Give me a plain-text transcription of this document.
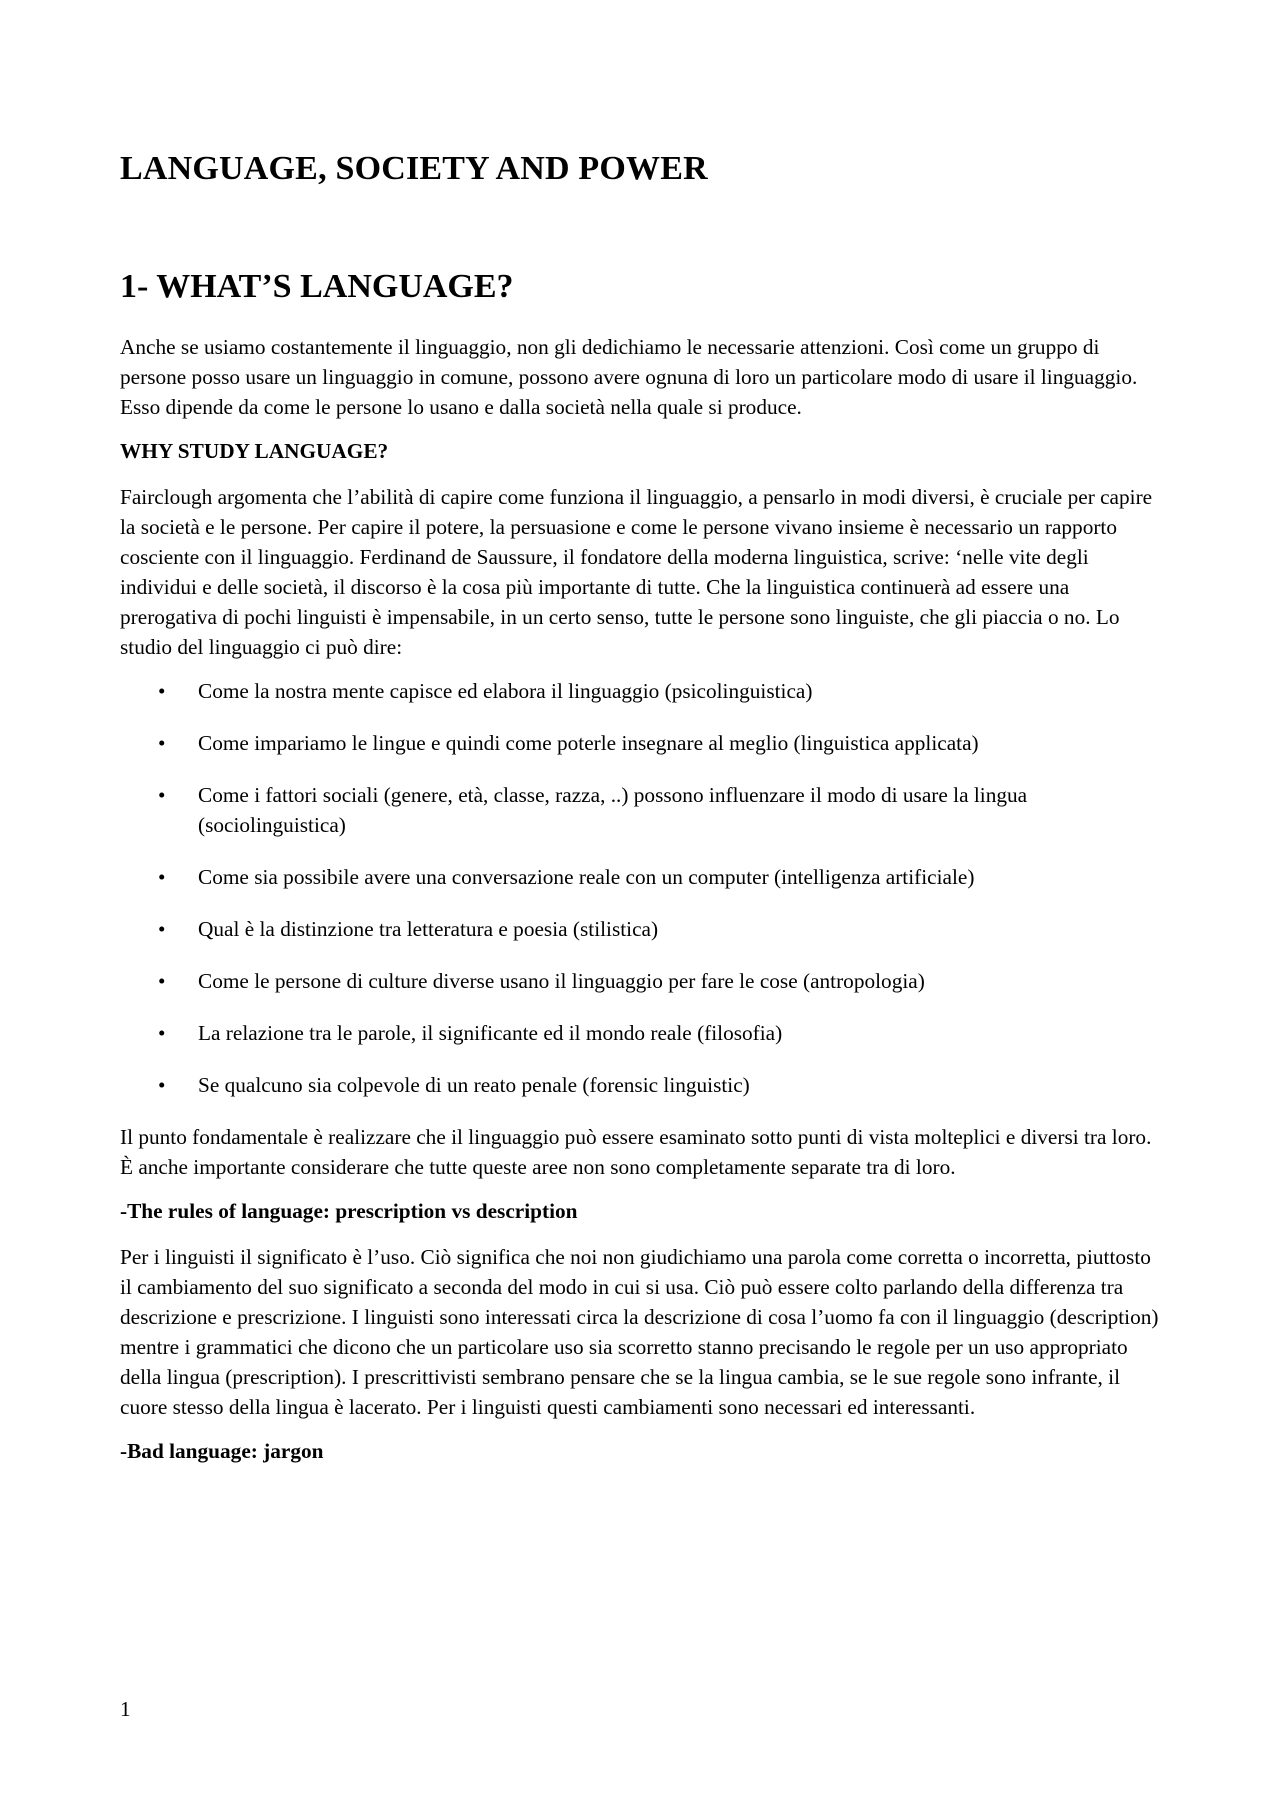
LANGUAGE, SOCIETY AND POWER
1- WHAT’S LANGUAGE?

Anche se usiamo costantemente il linguaggio, non gli dedichiamo le necessarie attenzioni. Così come un gruppo di persone posso usare un linguaggio in comune, possono avere ognuna di loro un particolare modo di usare il linguaggio. Esso dipende da come le persone lo usano e dalla società nella quale si produce.

WHY STUDY LANGUAGE?

Fairclough argomenta che l’abilità di capire come funziona il linguaggio, a pensarlo in modi diversi, è cruciale per capire la società e le persone. Per capire il potere, la persuasione e come le persone vivano insieme è necessario un rapporto cosciente con il linguaggio. Ferdinand de Saussure, il fondatore della moderna linguistica, scrive: ‘nelle vite degli individui e delle società, il discorso è la cosa più importante di tutte. Che la linguistica continuerà ad essere una prerogativa di pochi linguisti è impensabile, in un certo senso, tutte le persone sono linguiste, che gli piaccia o no. Lo studio del linguaggio ci può dire:

• Come la nostra mente capisce ed elabora il linguaggio (psicolinguistica)
• Come impariamo le lingue e quindi come poterle insegnare al meglio (linguistica applicata)
• Come i fattori sociali (genere, età, classe, razza, ..) possono influenzare il modo di usare la lingua (sociolinguistica)
• Come sia possibile avere una conversazione reale con un computer (intelligenza artificiale)
• Qual è la distinzione tra letteratura e poesia (stilistica)
• Come le persone di culture diverse usano il linguaggio per fare le cose (antropologia)
• La relazione tra le parole, il significante ed il mondo reale (filosofia)
• Se qualcuno sia colpevole di un reato penale (forensic linguistic)

Il punto fondamentale è realizzare che il linguaggio può essere esaminato sotto punti di vista molteplici e diversi tra loro. È anche importante considerare che tutte queste aree non sono completamente separate tra di loro.

-The rules of language: prescription vs description

Per i linguisti il significato è l’uso. Ciò significa che noi non giudichiamo una parola come corretta o incorretta, piuttosto il cambiamento del suo significato a seconda del modo in cui si usa. Ciò può essere colto parlando della differenza tra descrizione e prescrizione. I linguisti sono interessati circa la descrizione di cosa l’uomo fa con il linguaggio (description) mentre i grammatici che dicono che un particolare uso sia scorretto stanno precisando le regole per un uso appropriato della lingua (prescription). I prescrittivisti sembrano pensare che se la lingua cambia, se le sue regole sono infrante, il cuore stesso della lingua è lacerato. Per i linguisti questi cambiamenti sono necessari ed interessanti.

-Bad language: jargon

1
